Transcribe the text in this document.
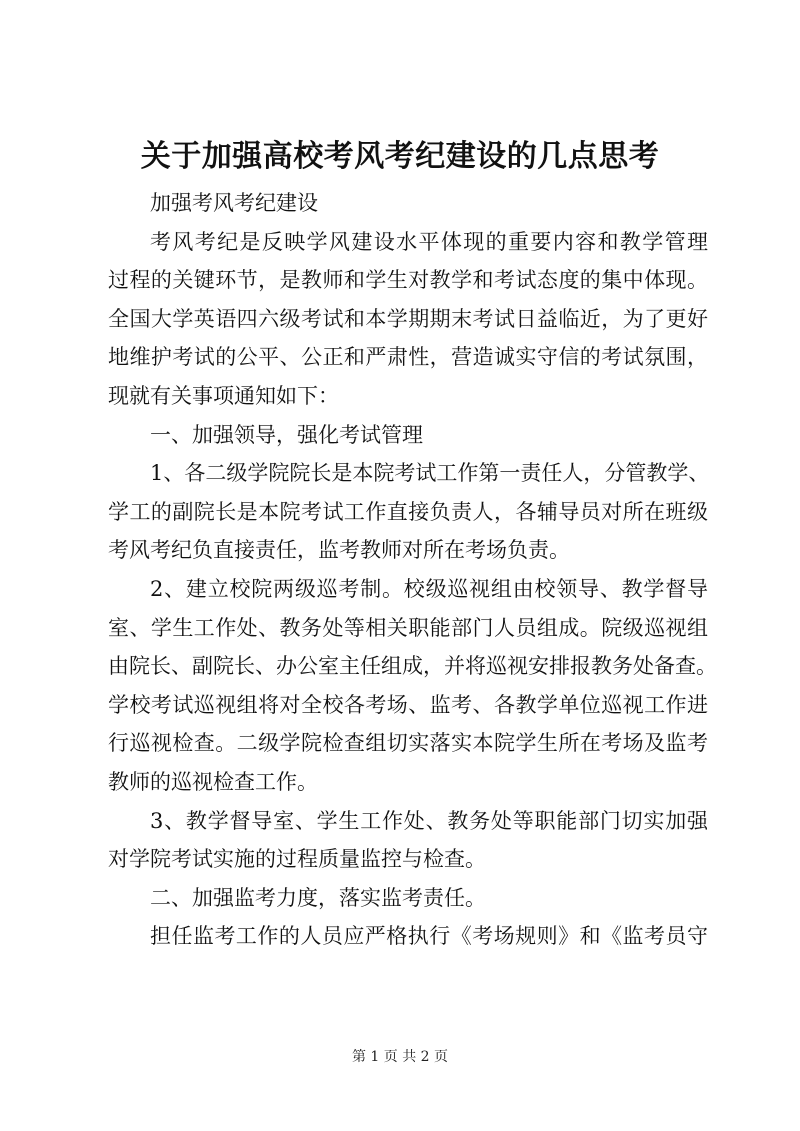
关于加强高校考风考纪建设的几点思考
加强考风考纪建设
考风考纪是反映学风建设水平体现的重要内容和教学管理
过程的关键环节，是教师和学生对教学和考试态度的集中体现。
全国大学英语四六级考试和本学期期末考试日益临近，为了更好
地维护考试的公平、公正和严肃性，营造诚实守信的考试氛围，
现就有关事项通知如下：
一、加强领导，强化考试管理
1、各二级学院院长是本院考试工作第一责任人，分管教学、
学工的副院长是本院考试工作直接负责人，各辅导员对所在班级
考风考纪负直接责任，监考教师对所在考场负责。
2、建立校院两级巡考制。校级巡视组由校领导、教学督导
室、学生工作处、教务处等相关职能部门人员组成。院级巡视组
由院长、副院长、办公室主任组成，并将巡视安排报教务处备查。
学校考试巡视组将对全校各考场、监考、各教学单位巡视工作进
行巡视检查。二级学院检查组切实落实本院学生所在考场及监考
教师的巡视检查工作。
3、教学督导室、学生工作处、教务处等职能部门切实加强
对学院考试实施的过程质量监控与检查。
二、加强监考力度，落实监考责任。
担任监考工作的人员应严格执行《考场规则》和《监考员守
第 1 页 共 2 页
